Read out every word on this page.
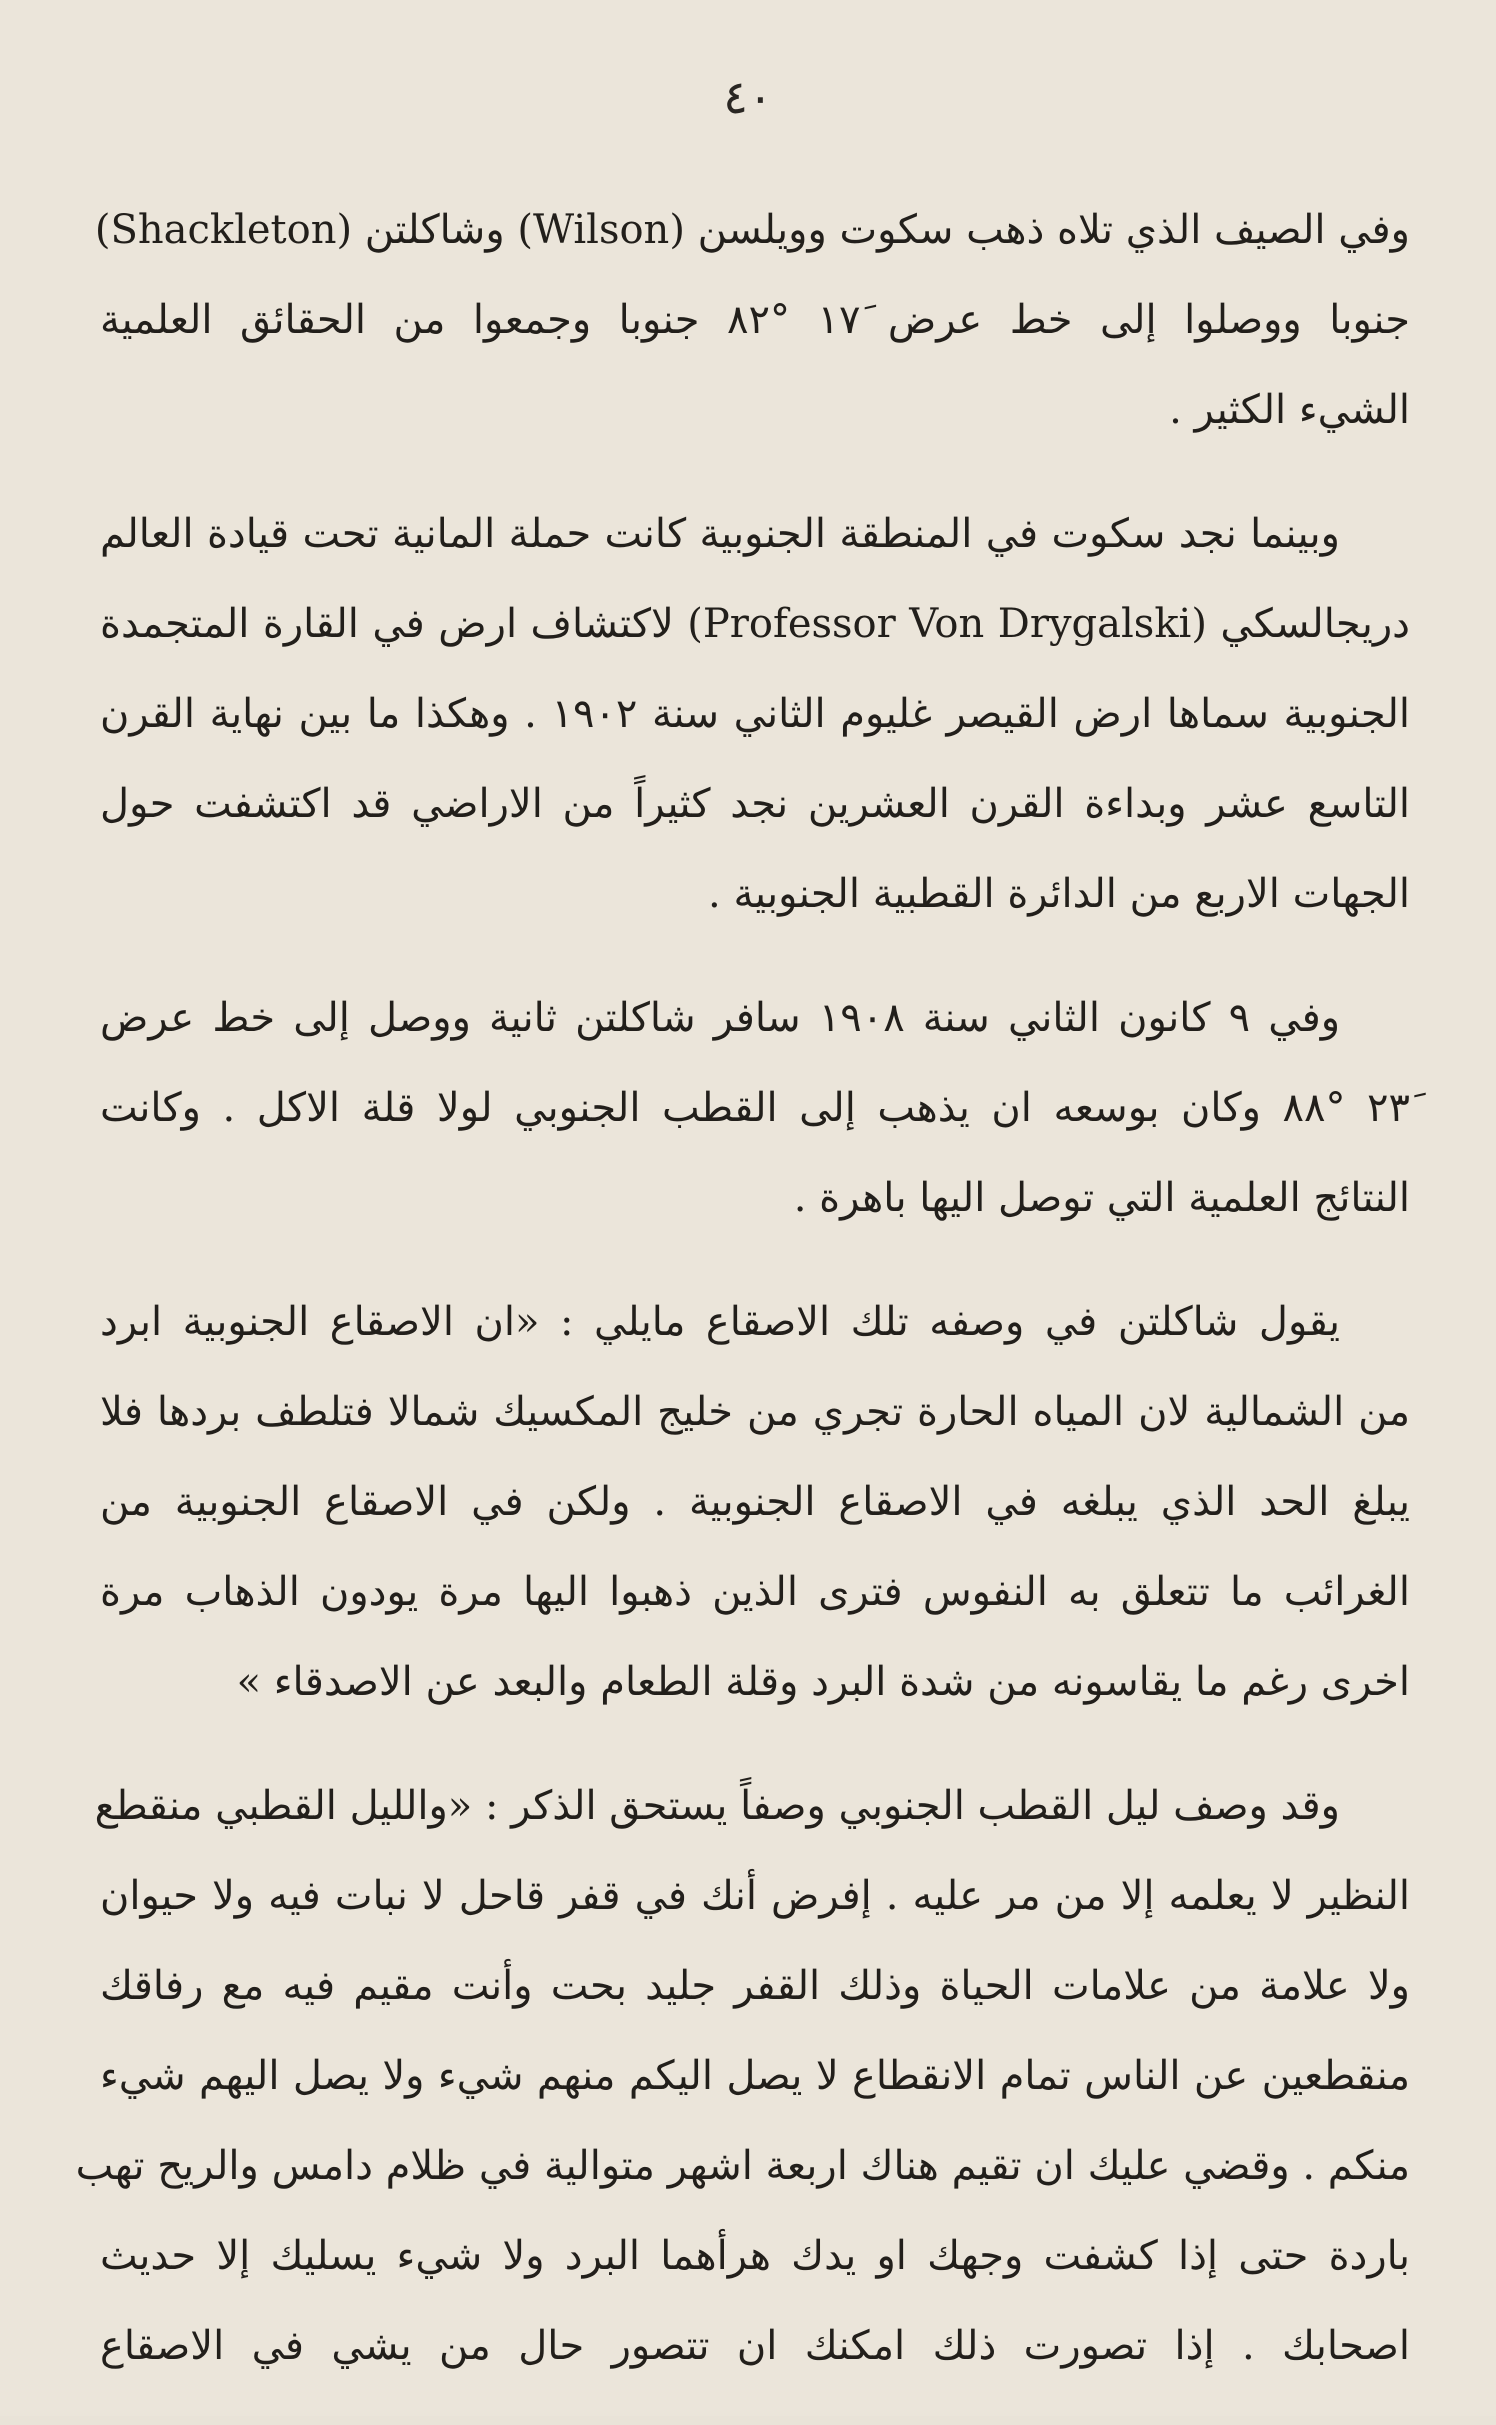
٤٠
وفي الصيف الذي تلاه ذهب سكوت وويلسن (Wilson) وشاكلتن (Shackleton)
جنوبا ووصلوا إلى خط عرض ١٧َ °٨٢ جنوبا وجمعوا من الحقائق العلمية
الشيء الكثير .
وبينما نجد سكوت في المنطقة الجنوبية كانت حملة المانية تحت قيادة العالم
دريجالسكي (Professor Von Drygalski) لاكتشاف ارض في القارة المتجمدة
الجنوبية سماها ارض القيصر غليوم الثاني سنة ١٩٠٢ . وهكذا ما بين نهاية القرن
التاسع عشر وبداءة القرن العشرين نجد كثيراً من الاراضي قد اكتشفت حول
الجهات الاربع من الدائرة القطبية الجنوبية .
وفي ٩ كانون الثاني سنة ١٩٠٨ سافر شاكلتن ثانية ووصل إلى خط عرض
٢٣َ °٨٨ وكان بوسعه ان يذهب إلى القطب الجنوبي لولا قلة الاكل . وكانت
النتائج العلمية التي توصل اليها باهرة .
يقول شاكلتن في وصفه تلك الاصقاع مايلي : «ان الاصقاع الجنوبية ابرد
من الشمالية لان المياه الحارة تجري من خليج المكسيك شمالا فتلطف بردها فلا
يبلغ الحد الذي يبلغه في الاصقاع الجنوبية . ولكن في الاصقاع الجنوبية من
الغرائب ما تتعلق به النفوس فترى الذين ذهبوا اليها مرة يودون الذهاب مرة
اخرى رغم ما يقاسونه من شدة البرد وقلة الطعام والبعد عن الاصدقاء »
وقد وصف ليل القطب الجنوبي وصفاً يستحق الذكر : «والليل القطبي منقطع
النظير لا يعلمه إلا من مر عليه . إفرض أنك في قفر قاحل لا نبات فيه ولا حيوان
ولا علامة من علامات الحياة وذلك القفر جليد بحت وأنت مقيم فيه مع رفاقك
منقطعين عن الناس تمام الانقطاع لا يصل اليكم منهم شيء ولا يصل اليهم شيء
منكم . وقضي عليك ان تقيم هناك اربعة اشهر متوالية في ظلام دامس والريح تهب
باردة حتى إذا كشفت وجهك او يدك هرأهما البرد ولا شيء يسليك إلا حديث
اصحابك . إذا تصورت ذلك امكنك ان تتصور حال من يشي في الاصقاع
